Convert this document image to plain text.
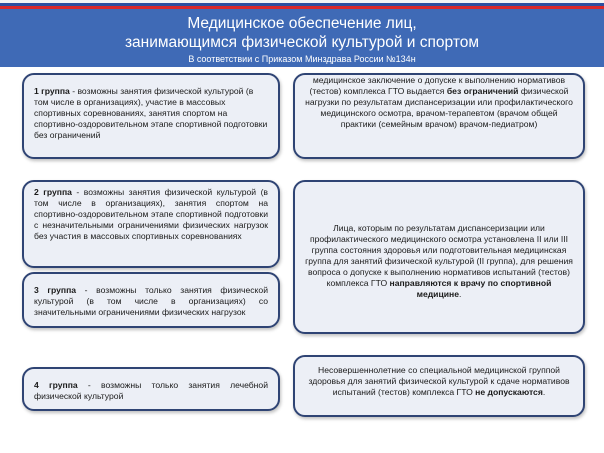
Медицинское обеспечение лиц,
занимающимся физической культурой и спортом
В соответствии с Приказом Минздрава России №134н
1 группа - возможны занятия физической культурой (в том числе в организациях), участие в массовых спортивных соревнованиях, занятия спортом на спортивно-оздоровительном этапе спортивной подготовки без ограничений
2 группа - возможны занятия физической культурой (в том числе в организациях), занятия спортом на спортивно-оздоровительном этапе спортивной подготовки с незначительными ограничениями физических нагрузок без участия в массовых спортивных соревнованиях
3 группа - возможны только занятия физической культурой (в том числе в организациях) со значительными ограничениями физических нагрузок
4 группа - возможны только занятия лечебной физической культурой
медицинское заключение о допуске к выполнению нормативов (тестов) комплекса ГТО выдается без ограничений физической нагрузки по результатам диспансеризации или профилактического медицинского осмотра, врачом-терапевтом (врачом общей практики (семейным врачом) врачом-педиатром)
Лица, которым по результатам диспансеризации или профилактического медицинского осмотра установлена II или III группа состояния здоровья или подготовительная медицинская группа для занятий физической культурой (II группа), для решения вопроса о допуске к выполнению нормативов испытаний (тестов) комплекса ГТО направляются к врачу по спортивной медицине.
Несовершеннолетние со специальной медицинской группой здоровья для занятий физической культурой к сдаче нормативов испытаний (тестов) комплекса ГТО не допускаются.
